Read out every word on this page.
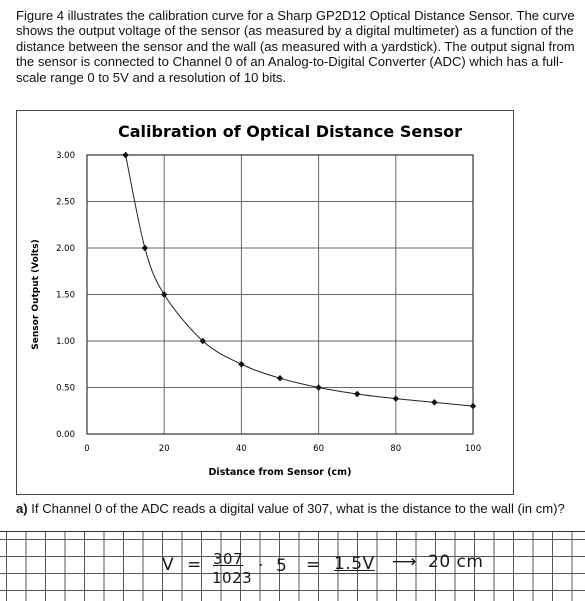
Figure 4 illustrates the calibration curve for a Sharp GP2D12 Optical Distance Sensor. The curve shows the output voltage of the sensor (as measured by a digital multimeter) as a function of the distance between the sensor and the wall (as measured with a yardstick). The output signal from the sensor is connected to Channel 0 of an Analog-to-Digital Converter (ADC) which has a full-scale range 0 to 5V and a resolution of 10 bits.

Calibration of Optical Distance Sensor
0.00
0.50
1.00
1.50
2.00
2.50
3.00
0	20	40	60	80	100
Distance from Sensor (cm)
Sensor Output (Volts)

a) If Channel 0 of the ADC reads a digital value of 307, what is the distance to the wall (in cm)?

V = 307
1023
· 5 = 1.5V ⟶ 20 cm
